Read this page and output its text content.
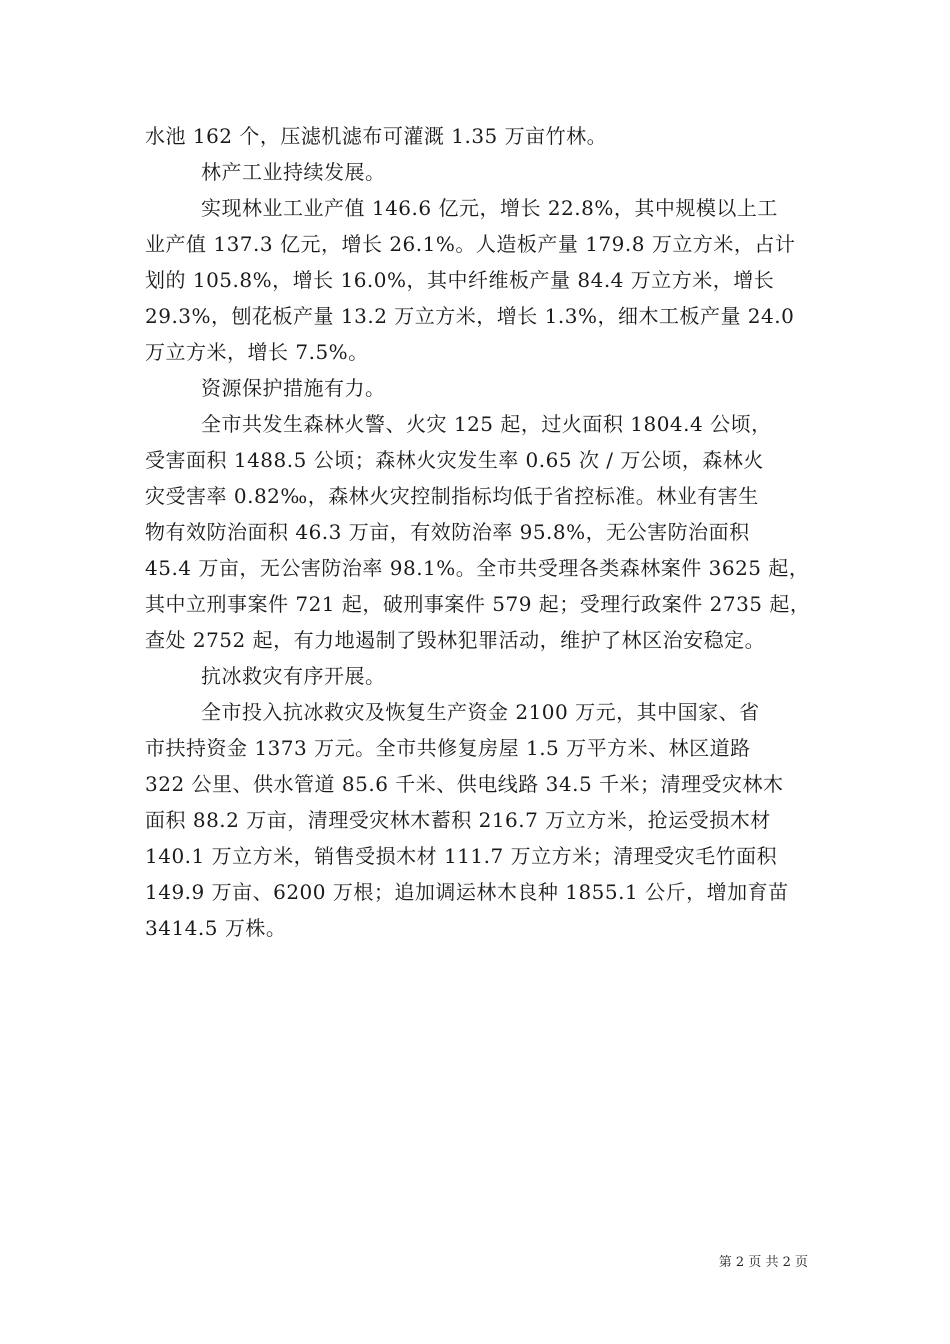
水池 162 个，压滤机滤布可灌溉 1.35 万亩竹林。
林产工业持续发展。
实现林业工业产值 146.6 亿元，增长 22.8%，其中规模以上工
业产值 137.3 亿元，增长 26.1%。人造板产量 179.8 万立方米，占计
划的 105.8%，增长 16.0%，其中纤维板产量 84.4 万立方米，增长
29.3%，刨花板产量 13.2 万立方米，增长 1.3%，细木工板产量 24.0
万立方米，增长 7.5%。
资源保护措施有力。
全市共发生森林火警、火灾 125 起，过火面积 1804.4 公顷，
受害面积 1488.5 公顷；森林火灾发生率 0.65 次 / 万公顷，森林火
灾受害率 0.82‰，森林火灾控制指标均低于省控标准。林业有害生
物有效防治面积 46.3 万亩，有效防治率 95.8%，无公害防治面积
45.4 万亩，无公害防治率 98.1%。全市共受理各类森林案件 3625 起，
其中立刑事案件 721 起，破刑事案件 579 起；受理行政案件 2735 起，
查处 2752 起，有力地遏制了毁林犯罪活动，维护了林区治安稳定。
抗冰救灾有序开展。
全市投入抗冰救灾及恢复生产资金 2100 万元，其中国家、省
市扶持资金 1373 万元。全市共修复房屋 1.5 万平方米、林区道路
322 公里、供水管道 85.6 千米、供电线路 34.5 千米；清理受灾林木
面积 88.2 万亩，清理受灾林木蓄积 216.7 万立方米，抢运受损木材
140.1 万立方米，销售受损木材 111.7 万立方米；清理受灾毛竹面积
149.9 万亩、6200 万根；追加调运林木良种 1855.1 公斤，增加育苗
3414.5 万株。
第 2 页 共 2 页
